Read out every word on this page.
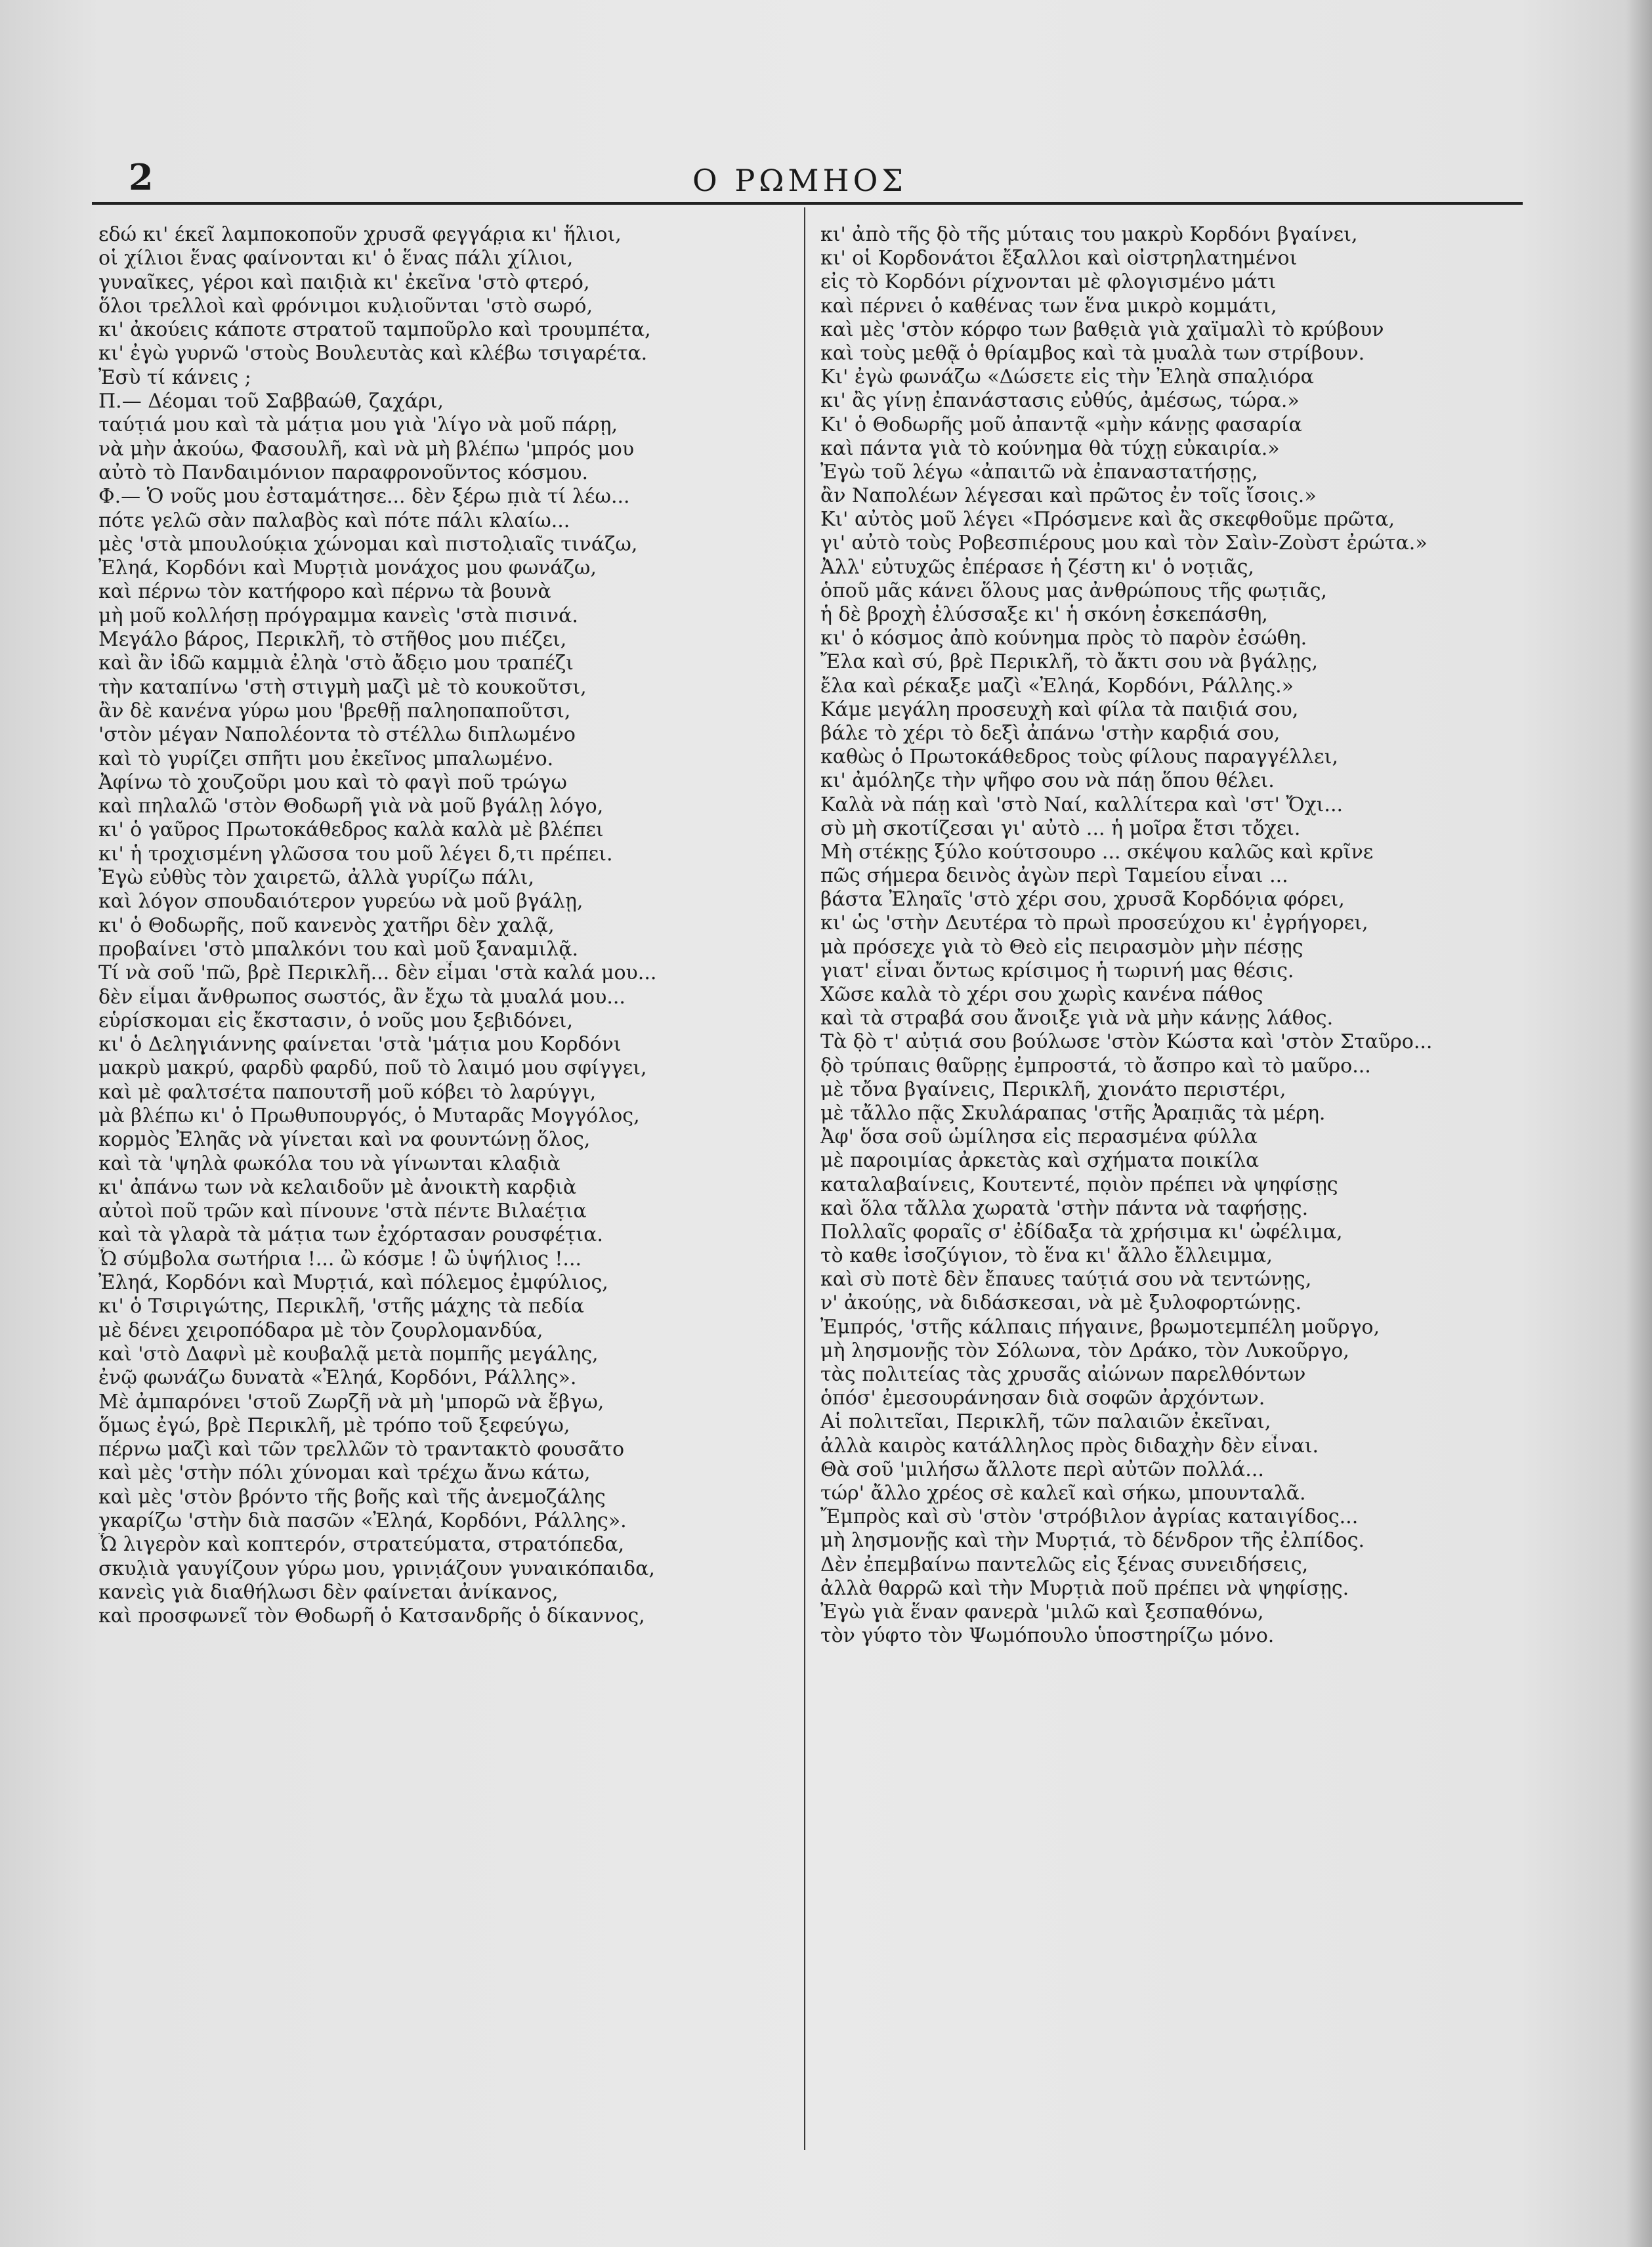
2	Ο ΡΩΜΗΟΣ
εδώ κι' έκεῖ λαμποκοποῦν χρυσᾶ φεγγάρ̣ια κι' ἥλιοι,
οἱ χίλιοι ἕνας φαίνονται κι' ὁ ἕνας πάλι χίλιοι,
γυναῖκες, γέροι καὶ παιδ̣ιὰ κι' ἐκεῖνα 'στὸ φτερό,
ὅλοι τρελλοὶ καὶ φρόνιμοι κυλ̣ιοῦνται 'στὸ σωρό,
κι' ἀκούεις κάποτε στρατοῦ ταμποῦρλο καὶ τρουμπέτα,
κι' ἐγὼ γυρνῶ 'στοὺς Βουλευτὰς καὶ κλέβω τσιγαρέτα.
Ἐσὺ τί κάνεις ;
Π.— Δέομαι τοῦ Σαββαώθ, ζαχάρι,
ταύτ̣ιά μου καὶ τὰ μάτ̣ια μου γ̣ιὰ 'λίγο νὰ μοῦ πάρῃ,
νὰ μὴν ἀκούω, Φασουλῆ, καὶ νὰ μὴ βλέπω 'μπρός μου
αὐτὸ τὸ Πανδαιμόνιον παραφρονοῦντος κόσμου.
Φ.— Ὁ νοῦς μου ἐσταμάτησε... δὲν ξέρω π̣ιὰ τί λέω...
πότε γελῶ σὰν παλαβὸς καὶ πότε πάλι κλαίω...
μὲς 'στὰ μπουλούκ̣ια χώνομαι καὶ πιστολ̣ιαῖς τινάζω,
Ἐληά, Κορδόνι καὶ Μυρτ̣ιὰ μονάχος μου φωνάζω,
καὶ πέρνω τὸν κατήφορο καὶ πέρνω τὰ βουνὰ
μὴ μοῦ κολλήσῃ πρόγραμμα κανεὶς 'στὰ πισινά.
Μεγάλο βάρος, Περικλῆ, τὸ στῆθος μου πιέζει,
καὶ ἂν ἰδῶ καμμ̣ιὰ ἐληὰ 'στὸ ἄδε̣ιο μου τραπέζι
τὴν καταπίνω 'στὴ στιγμὴ μαζὶ μὲ τὸ κουκοῦτσι,
ἂν δὲ κανένα γύρω μου 'βρεθῇ παληοπαποῦτσι,
'στὸν μέγαν Ναπολέοντα τὸ στέλλω διπλωμένο
καὶ τὸ γυρίζει σπῆτι μου ἐκεῖνος μπαλωμένο.
Ἀφίνω τὸ χουζοῦρι μου καὶ τὸ φαγὶ ποῦ τρώγω
καὶ πηλαλῶ 'στὸν Θοδωρῆ γ̣ιὰ νὰ μοῦ βγάλῃ λόγο,
κι' ὁ γαῦρος Πρωτοκάθεδρος καλὰ καλὰ μὲ βλέπει
κι' ἡ τροχισμένη γλῶσσα του μοῦ λέγει δ,τι πρέπει.
Ἐγὼ εὐθὺς τὸν χαιρετῶ, ἀλλὰ γυρίζω πάλι,
καὶ λόγον σπουδαιότερον γυρεύω νὰ μοῦ βγάλῃ,
κι' ὁ Θοδωρῆς, ποῦ κανενὸς χατῆρι δὲν χαλᾷ,
προβαίνει 'στὸ μπαλκόνι του καὶ μοῦ ξαναμιλᾷ.
Τί νὰ σοῦ 'πῶ, βρὲ Περικλῆ... δὲν εἶμαι 'στὰ καλά μου...
δὲν εἶμαι ἄνθρωπος σωστός, ἂν ἔχω τὰ μ̣υαλά μου...
εὑρίσκομαι εἰς ἔκστασιν, ὁ νοῦς μου ξεβιδόνει,
κι' ὁ Δεληγ̣ιάννης φαίνεται 'στὰ 'μάτ̣ια μου Κορδόνι
μακρὺ μακρύ, φαρδὺ φαρδύ, ποῦ τὸ λαιμό μου σφίγγει,
καὶ μὲ φαλτσέτα παπουτσῆ μοῦ κόβει τὸ λαρύγγι,
μὰ βλέπω κι' ὁ Πρωθυπουργός, ὁ Μυταρᾶς Μογγόλος,
κορμὸς Ἐληᾶς νὰ γίνεται καὶ να φουντώνῃ ὅλος,
καὶ τὰ 'ψηλὰ φωκόλα του νὰ γίνωνται κλαδ̣ιὰ
κι' ἀπάνω των νὰ κελαιδοῦν μὲ ἀνοικτὴ καρδ̣ιὰ
αὐτοὶ ποῦ τρῶν καὶ πίνουνε 'στὰ πέντε Βιλαέτ̣ια
καὶ τὰ γλαρὰ τὰ μάτ̣ια των ἐχόρτασαν ρουσφέτ̣ια.
Ὦ σύμβολα σωτήρια !... ὢ κόσμε ! ὢ ὑψήλιος !...
Ἐληά, Κορδόνι καὶ Μυρτ̣ιά, καὶ πόλεμος ἐμφύλιος,
κι' ὁ Τσιριγώτης, Περικλῆ, 'στῆς μάχης τὰ πεδία
μὲ δένει χειροπόδαρα μὲ τὸν ζουρλομανδύα,
καὶ 'στὸ Δαφνὶ μὲ κουβαλᾷ μετὰ πομπῆς μεγάλης,
ἐνῷ φωνάζω δυνατὰ «Ἐληά, Κορδόνι, Ράλλης».
Μὲ ἀμπαρόνει 'στοῦ Ζωρζῆ νὰ μὴ 'μπορῶ νὰ ἔβγω,
ὅμως ἐγώ, βρὲ Περικλῆ, μὲ τρόπο τοῦ ξεφεύγω,
πέρνω μαζὶ καὶ τῶν τρελλῶν τὸ τραντακτὸ φουσᾶτο
καὶ μὲς 'στὴν πόλι χύνομαι καὶ τρέχω ἄνω κάτω,
καὶ μὲς 'στὸν βρόντο τῆς βοῆς καὶ τῆς ἀνεμοζάλης
γκαρίζω 'στὴν διὰ πασῶν «Ἐληά, Κορδόνι, Ράλλης».
Ὦ λιγερὸν καὶ κοπτερόν, στρατεύματα, στρατόπεδα,
σκυλ̣ιὰ γαυγίζουν γύρω μου, γρινι̣άζουν γυναικόπαιδα,
κανεὶς γ̣ιὰ διαθήλωσι δὲν φαίνεται ἀνίκανος,
καὶ προσφωνεῖ τὸν Θοδωρῆ ὁ Κατσανδρῆς ὁ δίκαννος,
κι' ἀπὸ τῆς δ̣ὸ τῆς μύταις του μακρὺ Κορδόνι βγαίνει,
κι' οἱ Κορδονάτοι ἔξαλλοι καὶ οἰστρηλατημένοι
εἰς τὸ Κορδόνι ρίχνονται μὲ φλογισμένο μάτι
καὶ πέρνει ὁ καθένας των ἕνα μικρὸ κομμάτι,
καὶ μὲς 'στὸν κόρφο των βαθε̣ιὰ γ̣ιὰ χαϊμαλὶ τὸ κρύβουν
καὶ τοὺς μεθᾷ ὁ θρίαμβος καὶ τὰ μ̣υαλὰ των στρίβουν.
Κι' ἐγὼ φωνάζω «Δώσετε εἰς τὴν Ἐληὰ σπαλ̣ιόρα
κι' ἂς γίνῃ ἐπανάστασις εὐθύς, ἀμέσως, τώρα.»
Κι' ὁ Θοδωρῆς μοῦ ἀπαντᾷ «μὴν κάνῃς φασαρία
καὶ πάντα γ̣ιὰ τὸ κούνημα θὰ τύχῃ εὐκαιρία.»
Ἐγὼ τοῦ λέγω «ἀπαιτῶ νὰ ἐπαναστατήσῃς,
ἂν Ναπολέων λέγεσαι καὶ πρῶτος ἐν τοῖς ἴσοις.»
Κι' αὐτὸς μοῦ λέγει «Πρόσμενε καὶ ἂς σκεφθοῦμε πρῶτα,
γι' αὐτὸ τοὺς Ροβεσπιέρους μου καὶ τὸν Σαὶν-Ζοὺστ ἐρώτα.»
Ἀλλ' εὐτυχῶς ἐπέρασε ἡ ζέστη κι' ὁ νοτ̣ιᾶς,
ὁποῦ μᾶς κάνει ὅλους μας ἀνθρώπους τῆς φωτ̣ιᾶς,
ἡ δὲ βροχὴ ἐλύσσαξε κι' ἡ σκόνη ἐσκεπάσθη,
κι' ὁ κόσμος ἀπὸ κούνημα πρὸς τὸ παρὸν ἐσώθη.
Ἔλα καὶ σύ, βρὲ Περικλῆ, τὸ ἄκτι σου νὰ βγάλῃς,
ἔλα καὶ ρέκαξε μαζὶ «Ἐληά, Κορδόνι, Ράλλης.»
Κάμε μεγάλη προσευχὴ καὶ φίλα τὰ παιδ̣ιά σου,
βάλε τὸ χέρι τὸ δεξὶ ἀπάνω 'στὴν καρδ̣ιά σου,
καθὼς ὁ Πρωτοκάθεδρος τοὺς φίλους παραγγέλλει,
κι' ἀμόληζε τὴν ψῆφο σου νὰ πάῃ ὅπου θέλει.
Καλὰ νὰ πάῃ καὶ 'στὸ Ναί, καλλίτερα καὶ 'στ' Ὄχι...
σὺ μὴ σκοτίζεσαι γι' αὐτὸ ... ἡ μοῖρα ἔτσι τὄχει.
Μὴ στέκῃς ξύλο κούτσουρο ... σκέψου καλῶς καὶ κρῖνε
πῶς σήμερα δεινὸς ἀγὼν περὶ Ταμείου εἶναι ...
βάστα Ἐληαῖς 'στὸ χέρι σου, χρυσᾶ Κορδόν̣ια φόρει,
κι' ὡς 'στὴν Δευτέρα τὸ πρωὶ προσεύχου κι' ἐγρήγορει,
μὰ πρόσεχε γ̣ιὰ τὸ Θεὸ εἰς πειρασμὸν μὴν πέσῃς
γιατ' εἶναι ὄντως κρίσιμος ἡ τωρινή μας θέσις.
Χῶσε καλὰ τὸ χέρι σου χωρὶς κανένα πάθος
καὶ τὰ στραβά σου ἄνοιξε γ̣ιὰ νὰ μὴν κάνῃς λάθος.
Τὰ δ̣ὸ τ' αὐτ̣ιά σου βούλωσε 'στὸν Κώστα καὶ 'στὸν Σταῦρο...
δ̣ὸ τρύπαις θαῦρῃς ἐμπροστά, τὸ ἄσπρο καὶ τὸ μαῦρο...
μὲ τὄνα βγαίνεις, Περικλῆ, χ̣ιονάτο περιστέρι,
μὲ τἄλλο πᾷς Σκυλάραπας 'στῆς Ἀραπ̣ιᾶς τὰ μέρη.
Ἀφ' ὅσα σοῦ ὡμίλησα εἰς περασμένα φύλλα
μὲ παροιμίας ἀρκετὰς καὶ σχήματα ποικίλα
καταλαβαίνεις, Κουτεντέ, πο̣ιὸν πρέπει νὰ ψηφίσῃς
καὶ ὅλα τἄλλα χωρατὰ 'στὴν πάντα νὰ ταφήσῃς.
Πολλαῖς φοραῖς σ' ἐδίδαξα τὰ χρήσιμα κι' ὠφέλιμα,
τὸ καθε ἰσοζύγιον, τὸ ἕνα κι' ἄλλο ἔλλειμμα,
καὶ σὺ ποτὲ δὲν ἔπαυες ταύτ̣ιά σου νὰ τεντώνῃς,
ν' ἀκούῃς, νὰ διδάσκεσαι, νὰ μὲ ξυλοφορτώνῃς.
Ἐμπρός, 'στῆς κάλπαις πήγαινε, βρωμοτεμπέλη μοῦργο,
μὴ λησμονῇς τὸν Σόλωνα, τὸν Δράκο, τὸν Λυκοῦργο,
τὰς πολιτείας τὰς χρυσᾶς αἰώνων παρελθόντων
ὁπόσ' ἐμεσουράνησαν διὰ σοφῶν ἀρχόντων.
Αἱ πολιτεῖαι, Περικλῆ, τῶν παλαιῶν ἐκεῖναι,
ἀλλὰ καιρὸς κατάλληλος πρὸς διδαχὴν δὲν εἶναι.
Θὰ σοῦ 'μιλήσω ἄλλοτε περὶ αὐτῶν πολλά...
τώρ' ἄλλο χρέος σὲ καλεῖ καὶ σήκω, μπουνταλᾶ.
Ἔμπρὸς καὶ σὺ 'στὸν 'στρόβιλον ἀγρίας καταιγίδος...
μὴ λησμονῇς καὶ τὴν Μυρτ̣ιά, τὸ δένδρον τῆς ἐλπίδος.
Δὲν ἐπεμβαίνω παντελῶς εἰς ξένας συνειδήσεις,
ἀλλὰ θαρρῶ καὶ τὴν Μυρτ̣ιὰ ποῦ πρέπει νὰ ψηφίσῃς.
Ἐγὼ γ̣ιὰ ἕναν φανερὰ 'μιλῶ καὶ ξεσπαθόνω,
τὸν γύφτο τὸν Ψωμόπουλο ὑποστηρίζω μόνο.
